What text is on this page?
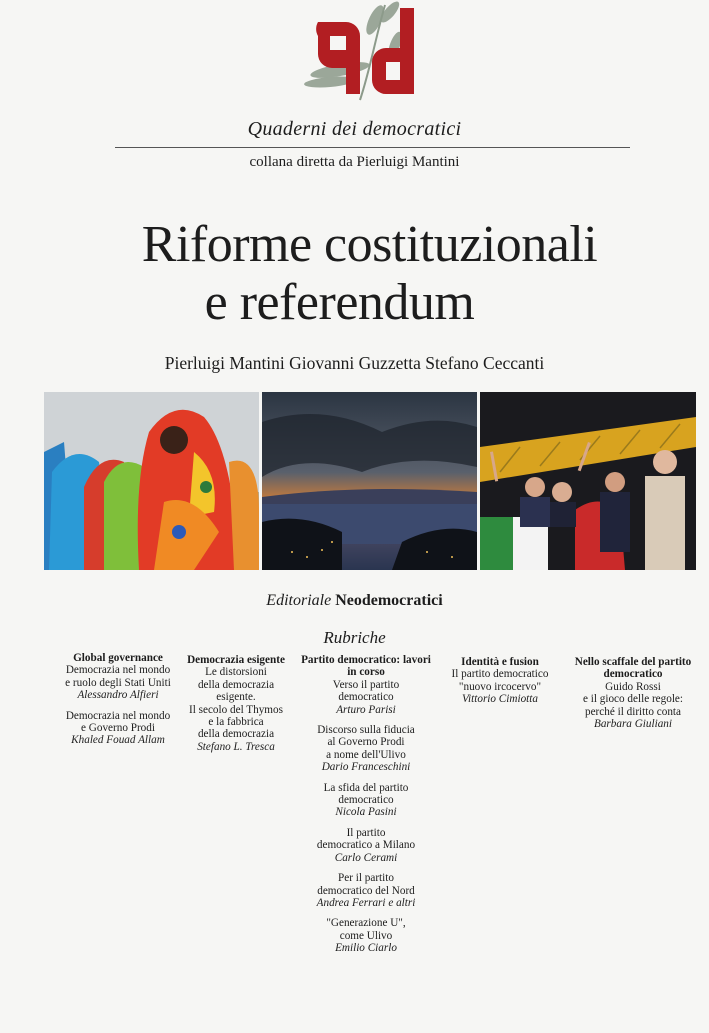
Quaderni dei democratici
collana diretta da Pierluigi Mantini
Riforme costituzionali
e referendum
Pierluigi Mantini Giovanni Guzzetta Stefano Ceccanti
Editoriale Neodemocratici
Rubriche
Global governance
Democrazia nel mondo
e ruolo degli Stati Uniti
Alessandro Alfieri
Democrazia nel mondo
e Governo Prodi
Khaled Fouad Allam
Democrazia esigente
Le distorsioni
della democrazia
esigente.
Il secolo del Thymos
e la fabbrica
della democrazia
Stefano L. Tresca
Partito democratico: lavori in corso
Verso il partito
democratico
Arturo Parisi
Discorso sulla fiducia
al Governo Prodi
a nome dell'Ulivo
Dario Franceschini
La sfida del partito
democratico
Nicola Pasini
Il partito
democratico a Milano
Carlo Cerami
Per il partito
democratico del Nord
Andrea Ferrari e altri
"Generazione U",
come Ulivo
Emilio Ciarlo
Identità e fusion
Il partito democratico
"nuovo ircocervo"
Vittorio Cimiotta
Nello scaffale del partito democratico
Guido Rossi
e il gioco delle regole:
perché il diritto conta
Barbara Giuliani
